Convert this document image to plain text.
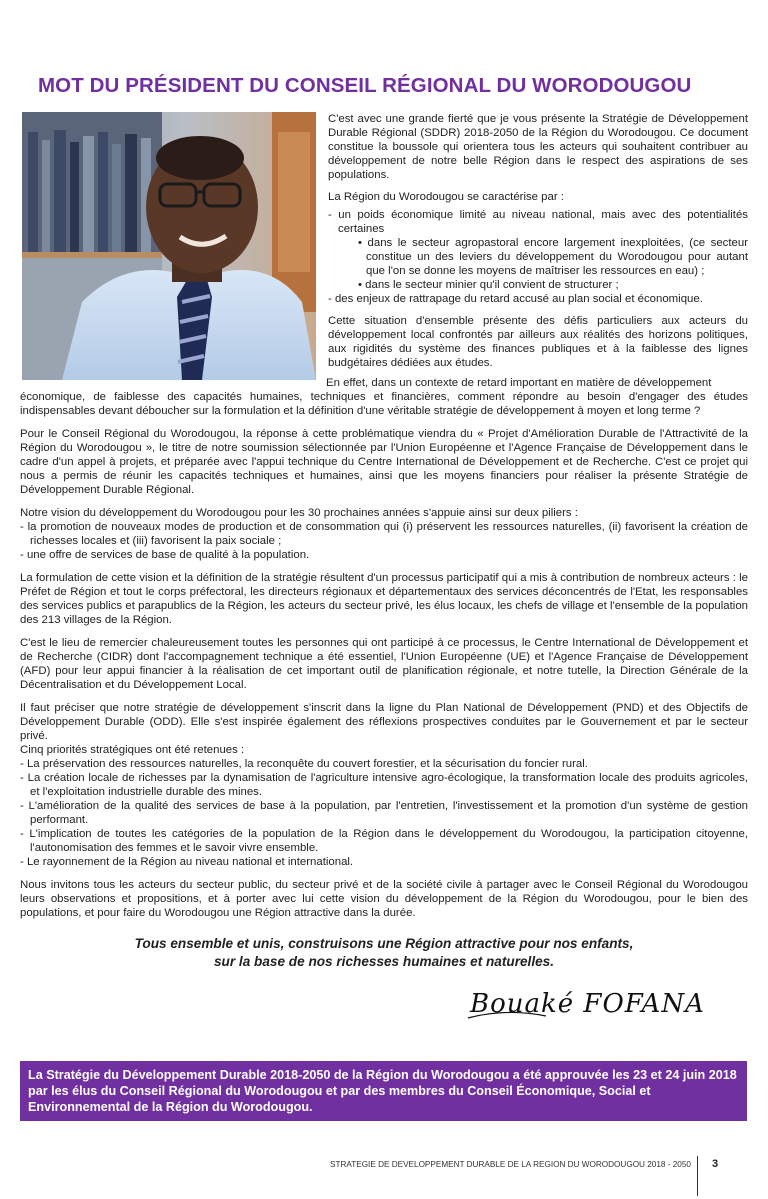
MOT DU PRÉSIDENT DU CONSEIL RÉGIONAL DU WORODOUGOU

C'est avec une grande fierté que je vous présente la Stratégie de Développement Durable Régional (SDDR) 2018-2050 de la Région du Worodougou. Ce document constitue la boussole qui orientera tous les acteurs qui souhaitent contribuer au développement de notre belle Région dans le respect des aspirations de ses populations.

La Région du Worodougou se caractérise par :

- un poids économique limité au niveau national, mais avec des potentialités certaines
• dans le secteur agropastoral encore largement inexploitées, (ce secteur constitue un des leviers du développement du Worodougou pour autant que l'on se donne les moyens de maîtriser les ressources en eau) ;
• dans le secteur minier qu'il convient de structurer ;
- des enjeux de rattrapage du retard accusé au plan social et économique.

Cette situation d'ensemble présente des défis particuliers aux acteurs du développement local confrontés par ailleurs aux réalités des horizons politiques, aux rigidités du système des finances publiques et à la faiblesse des lignes budgétaires dédiées aux études.

En effet, dans un contexte de retard important en matière de développement

économique, de faiblesse des capacités humaines, techniques et financières, comment répondre au besoin d'engager des études indispensables devant déboucher sur la formulation et la définition d'une véritable stratégie de développement à moyen et long terme ?

Pour le Conseil Régional du Worodougou, la réponse à cette problématique viendra du « Projet d'Amélioration Durable de l'Attractivité de la Région du Worodougou », le titre de notre soumission sélectionnée par l'Union Européenne et l'Agence Française de Développement dans le cadre d'un appel à projets, et préparée avec l'appui technique du Centre International de Développement et de Recherche. C'est ce projet qui nous a permis de réunir les capacités techniques et humaines, ainsi que les moyens financiers pour réaliser la présente Stratégie de Développement Durable Régional.

Notre vision du développement du Worodougou pour les 30 prochaines années s'appuie ainsi sur deux piliers :

- la promotion de nouveaux modes de production et de consommation qui (i) préservent les ressources naturelles, (ii) favorisent la création de richesses locales et (iii) favorisent la paix sociale ;
- une offre de services de base de qualité à la population.

La formulation de cette vision et la définition de la stratégie résultent d'un processus participatif qui a mis à contribution de nombreux acteurs : le Préfet de Région et tout le corps préfectoral, les directeurs régionaux et départementaux des services déconcentrés de l'Etat, les responsables des services publics et parapublics de la Région, les acteurs du secteur privé, les élus locaux, les chefs de village et l'ensemble de la population des 213 villages de la Région.

C'est le lieu de remercier chaleureusement toutes les personnes qui ont participé à ce processus, le Centre International de Développement et de Recherche (CIDR) dont l'accompagnement technique a été essentiel, l'Union Européenne (UE) et l'Agence Française de Développement (AFD) pour leur appui financier à la réalisation de cet important outil de planification régionale, et notre tutelle, la Direction Générale de la Décentralisation et du Développement Local.

Il faut préciser que notre stratégie de développement s'inscrit dans la ligne du Plan National de Développement (PND) et des Objectifs de Développement Durable (ODD). Elle s'est inspirée également des réflexions prospectives conduites par le Gouvernement et par le secteur privé.

Cinq priorités stratégiques ont été retenues :

- La préservation des ressources naturelles, la reconquête du couvert forestier, et la sécurisation du foncier rural.
- La création locale de richesses par la dynamisation de l'agriculture intensive agro-écologique, la transformation locale des produits agricoles, et l'exploitation industrielle durable des mines.
- L'amélioration de la qualité des services de base à la population, par l'entretien, l'investissement et la promotion d'un système de gestion performant.
- L'implication de toutes les catégories de la population de la Région dans le développement du Worodougou, la participation citoyenne, l'autonomisation des femmes et le savoir vivre ensemble.
- Le rayonnement de la Région au niveau national et international.

Nous invitons tous les acteurs du secteur public, du secteur privé et de la société civile à partager avec le Conseil Régional du Worodougou leurs observations et propositions, et à porter avec lui cette vision du développement de la Région du Worodougou, pour le bien des populations, et pour faire du Worodougou une Région attractive dans la durée.

Tous ensemble et unis, construisons une Région attractive pour nos enfants,
sur la base de nos richesses humaines et naturelles.
Bouaké FOFANA
La Stratégie du Développement Durable 2018-2050 de la Région du Worodougou a été approuvée les 23 et 24 juin 2018 par les élus du Conseil Régional du Worodougou et par des membres du Conseil Économique, Social et Environnemental de la Région du Worodougou.
STRATEGIE DE DEVELOPPEMENT DURABLE DE LA REGION DU WORODOUGOU 2018 - 2050 3
